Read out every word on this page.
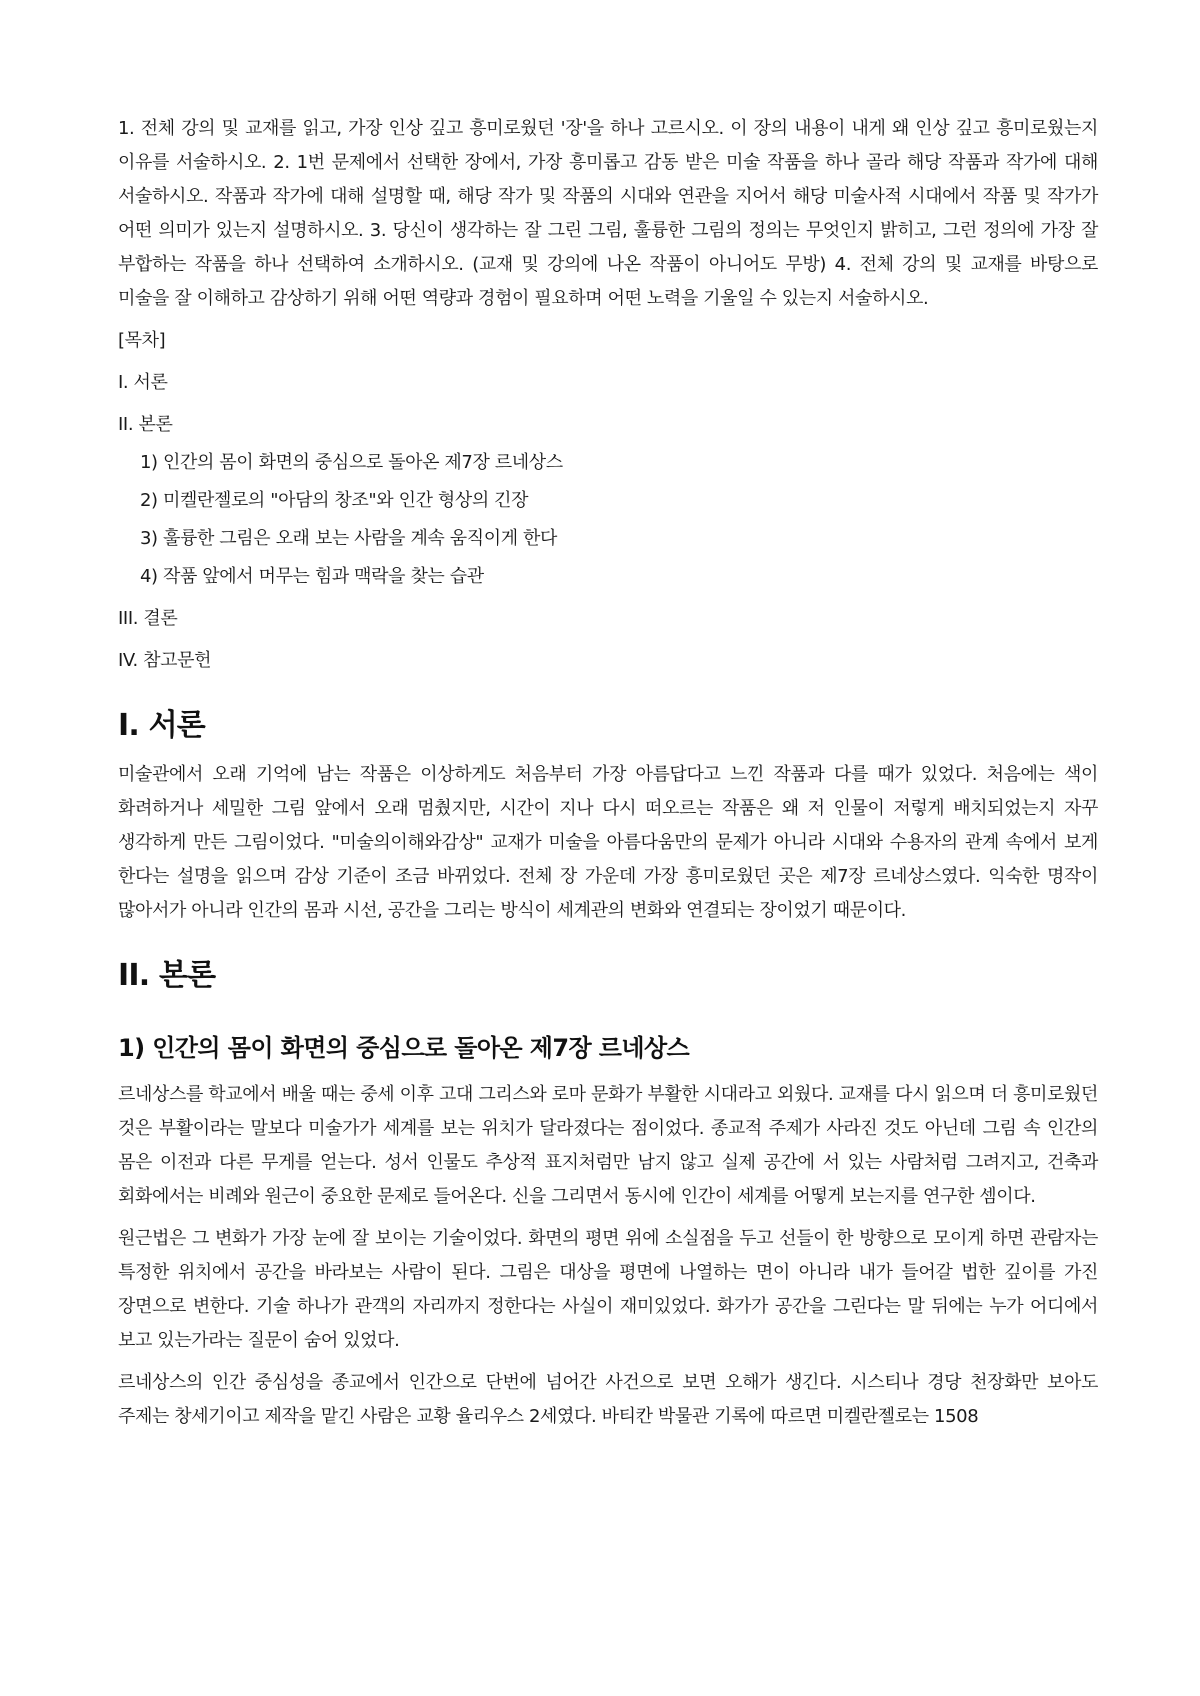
1. 전체 강의 및 교재를 읽고, 가장 인상 깊고 흥미로웠던 '장'을 하나 고르시오. 이 장의 내용이 내게 왜 인상 깊고 흥미로웠는지 이유를 서술하시오. 2. 1번 문제에서 선택한 장에서, 가장 흥미롭고 감동 받은 미술 작품을 하나 골라 해당 작품과 작가에 대해 서술하시오. 작품과 작가에 대해 설명할 때, 해당 작가 및 작품의 시대와 연관을 지어서 해당 미술사적 시대에서 작품 및 작가가 어떤 의미가 있는지 설명하시오. 3. 당신이 생각하는 잘 그린 그림, 훌륭한 그림의 정의는 무엇인지 밝히고, 그런 정의에 가장 잘 부합하는 작품을 하나 선택하여 소개하시오. (교재 및 강의에 나온 작품이 아니어도 무방) 4. 전체 강의 및 교재를 바탕으로 미술을 잘 이해하고 감상하기 위해 어떤 역량과 경험이 필요하며 어떤 노력을 기울일 수 있는지 서술하시오.

[목차]

I. 서론

II. 본론

1) 인간의 몸이 화면의 중심으로 돌아온 제7장 르네상스

2) 미켈란젤로의 "아담의 창조"와 인간 형상의 긴장

3) 훌륭한 그림은 오래 보는 사람을 계속 움직이게 한다

4) 작품 앞에서 머무는 힘과 맥락을 찾는 습관

III. 결론

IV. 참고문헌

I. 서론

미술관에서 오래 기억에 남는 작품은 이상하게도 처음부터 가장 아름답다고 느낀 작품과 다를 때가 있었다. 처음에는 색이 화려하거나 세밀한 그림 앞에서 오래 멈췄지만, 시간이 지나 다시 떠오르는 작품은 왜 저 인물이 저렇게 배치되었는지 자꾸 생각하게 만든 그림이었다. "미술의이해와감상" 교재가 미술을 아름다움만의 문제가 아니라 시대와 수용자의 관계 속에서 보게 한다는 설명을 읽으며 감상 기준이 조금 바뀌었다. 전체 장 가운데 가장 흥미로웠던 곳은 제7장 르네상스였다. 익숙한 명작이 많아서가 아니라 인간의 몸과 시선, 공간을 그리는 방식이 세계관의 변화와 연결되는 장이었기 때문이다.

II. 본론
1) 인간의 몸이 화면의 중심으로 돌아온 제7장 르네상스

르네상스를 학교에서 배울 때는 중세 이후 고대 그리스와 로마 문화가 부활한 시대라고 외웠다. 교재를 다시 읽으며 더 흥미로웠던 것은 부활이라는 말보다 미술가가 세계를 보는 위치가 달라졌다는 점이었다. 종교적 주제가 사라진 것도 아닌데 그림 속 인간의 몸은 이전과 다른 무게를 얻는다. 성서 인물도 추상적 표지처럼만 남지 않고 실제 공간에 서 있는 사람처럼 그려지고, 건축과 회화에서는 비례와 원근이 중요한 문제로 들어온다. 신을 그리면서 동시에 인간이 세계를 어떻게 보는지를 연구한 셈이다.

원근법은 그 변화가 가장 눈에 잘 보이는 기술이었다. 화면의 평면 위에 소실점을 두고 선들이 한 방향으로 모이게 하면 관람자는 특정한 위치에서 공간을 바라보는 사람이 된다. 그림은 대상을 평면에 나열하는 면이 아니라 내가 들어갈 법한 깊이를 가진 장면으로 변한다. 기술 하나가 관객의 자리까지 정한다는 사실이 재미있었다. 화가가 공간을 그린다는 말 뒤에는 누가 어디에서 보고 있는가라는 질문이 숨어 있었다.

르네상스의 인간 중심성을 종교에서 인간으로 단번에 넘어간 사건으로 보면 오해가 생긴다. 시스티나 경당 천장화만 보아도 주제는 창세기이고 제작을 맡긴 사람은 교황 율리우스 2세였다. 바티칸 박물관 기록에 따르면 미켈란젤로는 1508
